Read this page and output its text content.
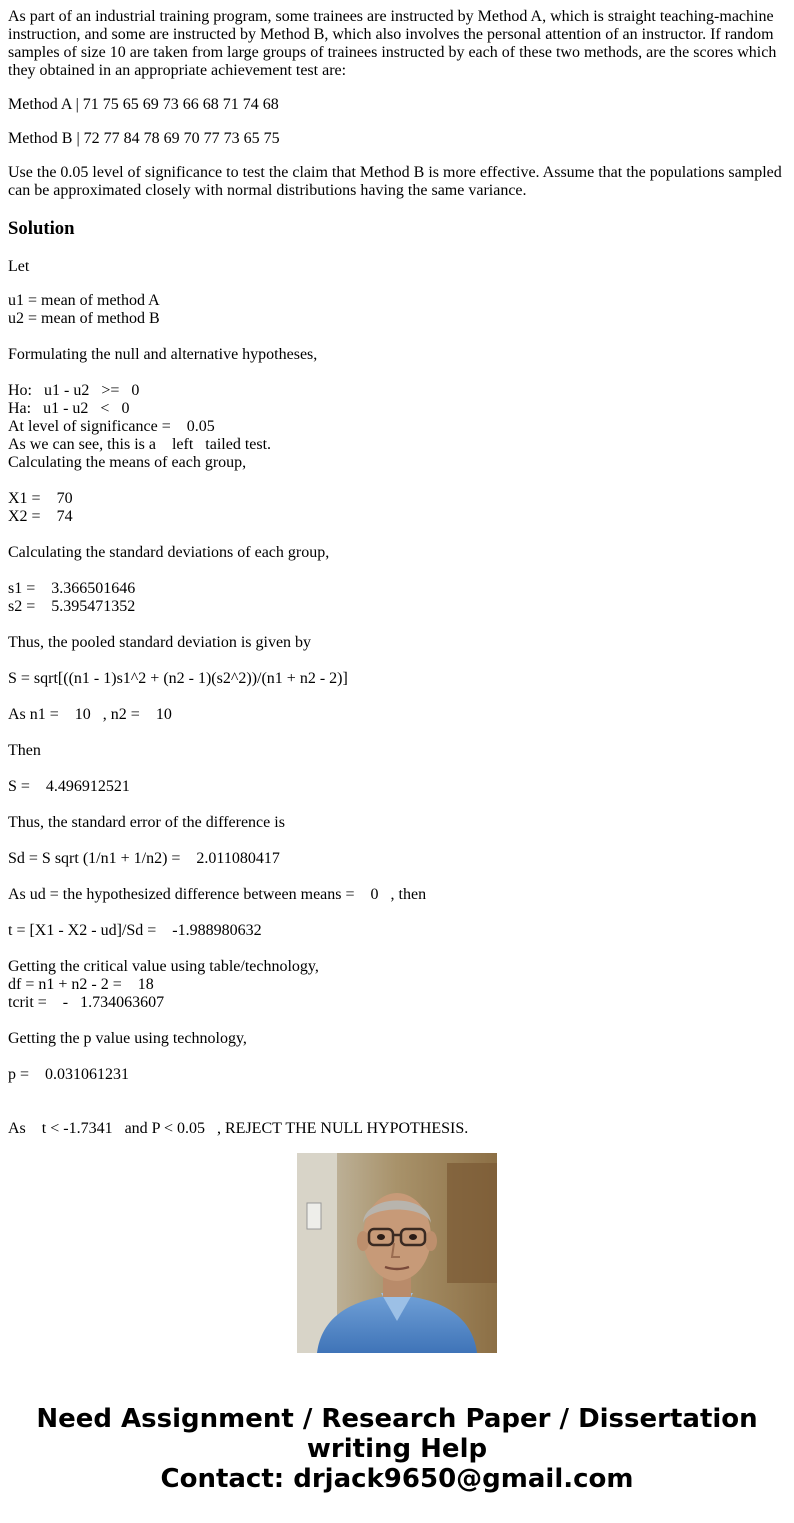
As part of an industrial training program, some trainees are instructed by Method A, which is straight teaching-machine instruction, and some are instructed by Method B, which also involves the personal attention of an instructor. If random samples of size 10 are taken from large groups of trainees instructed by each of these two methods, are the scores which they obtained in an appropriate achievement test are:

Method A | 71 75 65 69 73 66 68 71 74 68

Method B | 72 77 84 78 69 70 77 73 65 75

Use the 0.05 level of significance to test the claim that Method B is more effective. Assume that the populations sampled can be approximated closely with normal distributions having the same variance.

Solution

Let

u1 = mean of method A
u2 = mean of method B
Formulating the null and alternative hypotheses,
Ho:   u1 - u2   >=   0
Ha:   u1 - u2   <   0
At level of significance =    0.05
As we can see, this is a    left   tailed test.
Calculating the means of each group,
X1 =    70
X2 =    74
Calculating the standard deviations of each group,
s1 =    3.366501646
s2 =    5.395471352
Thus, the pooled standard deviation is given by
S = sqrt[((n1 - 1)s1^2 + (n2 - 1)(s2^2))/(n1 + n2 - 2)]
As n1 =    10   , n2 =    10
Then
S =    4.496912521
Thus, the standard error of the difference is
Sd = S sqrt (1/n1 + 1/n2) =    2.011080417
As ud = the hypothesized difference between means =    0   , then
t = [X1 - X2 - ud]/Sd =    -1.988980632
Getting the critical value using table/technology,
df = n1 + n2 - 2 =    18
tcrit =    -   1.734063607
Getting the p value using technology,
p =    0.031061231
As    t < -1.7341   and P < 0.05   , REJECT THE NULL HYPOTHESIS.
Need Assignment / Research Paper / Dissertation
writing Help
Contact: drjack9650@gmail.com
